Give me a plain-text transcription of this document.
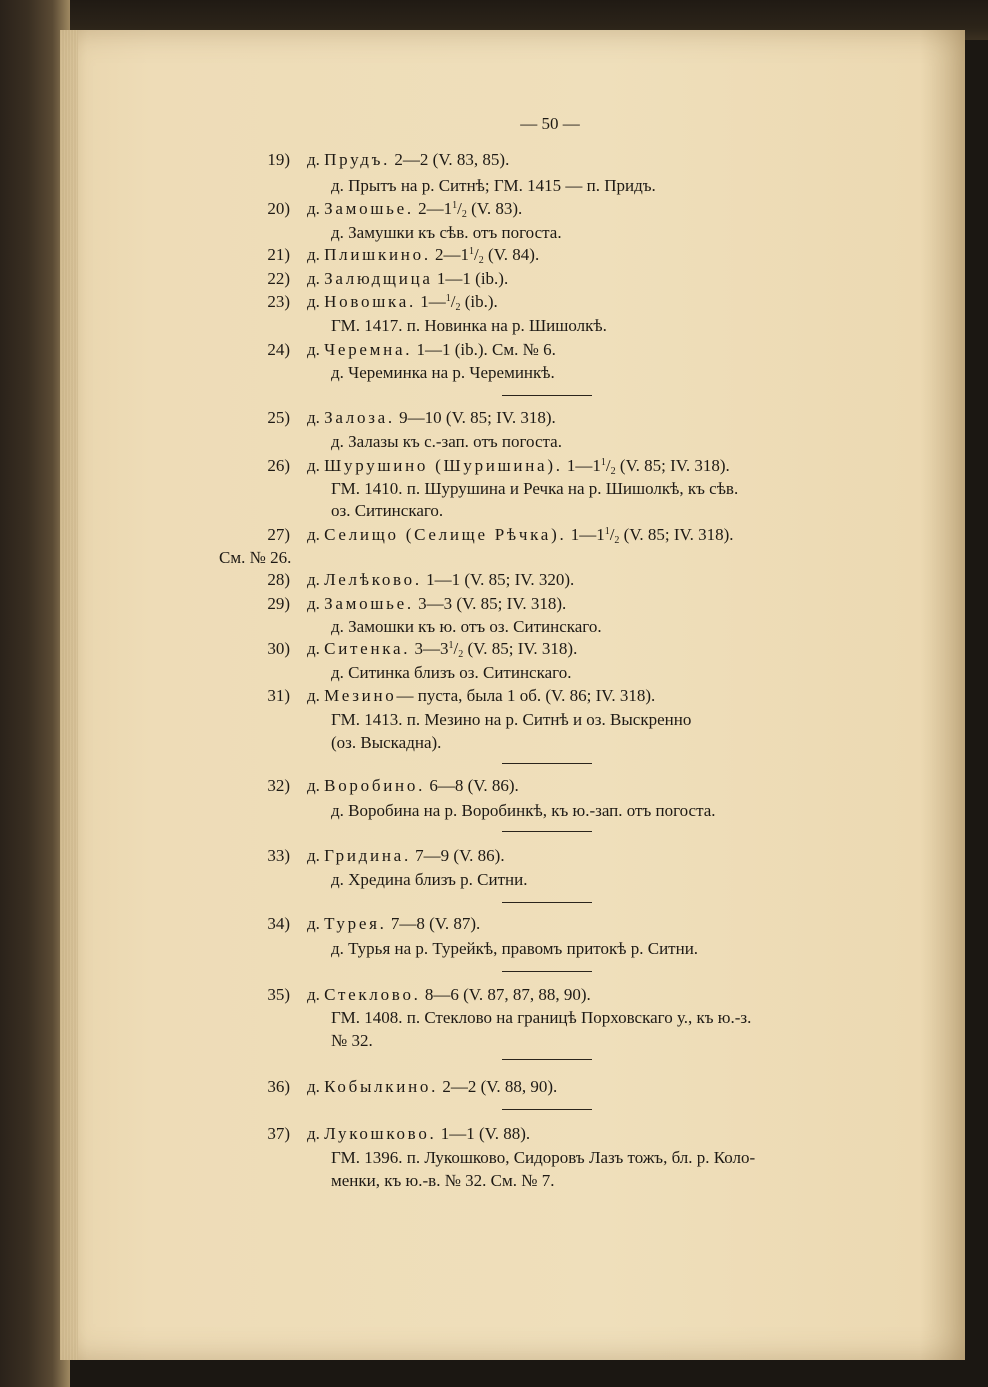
— 50 —
19) д. Прудъ. 2—2 (V. 83, 85).
д. Прытъ на р. Ситнѣ; ГМ. 1415 — п. Придъ.
20) д. Замошье. $2—1^1/_2$ (V. 83).
д. Замушки къ сѣв. отъ погоста.
21) д. Плишкино. $2—1^1/_2$ (V. 84).
22) д. Залюдщица 1—1 (ib.).
23) д. Новошка. $1—^1/_2$ (ib.).
ГМ. 1417. п. Новинка на р. Шишолкѣ.
24) д. Черемна. 1—1 (ib.). См. № 6.
д. Череминка на р. Череминкѣ.
25) д. Залоза. 9—10 (V. 85; IV. 318).
д. Залазы къ с.-зап. отъ погоста.
26) д. Шурушино (Шуришина). $1—1^1/_2$ (V. 85; IV. 318).
ГМ. 1410. п. Шурушина и Речка на р. Шишолкѣ, къ сѣв.
оз. Ситинскаго.
27) д. Селищо (Селище Рѣчка). $1—1^1/_2$ (V. 85; IV. 318).
См. № 26.
28) д. Лелѣково. 1—1 (V. 85; IV. 320).
29) д. Замошье. 3—3 (V. 85; IV. 318).
д. Замошки къ ю. отъ оз. Ситинскаго.
30) д. Ситенка. $3—3^1/_2$ (V. 85; IV. 318).
д. Ситинка близъ оз. Ситинскаго.
31) д. Мезино— пуста, была 1 об. (V. 86; IV. 318).
ГМ. 1413. п. Мезино на р. Ситнѣ и оз. Выскренно
(оз. Выскадна).
32) д. Воробино. 6—8 (V. 86).
д. Воробина на р. Воробинкѣ, къ ю.-зап. отъ погоста.
33) д. Гридина. 7—9 (V. 86).
д. Хредина близъ р. Ситни.
34) д. Турея. 7—8 (V. 87).
д. Турья на р. Турейкѣ, правомъ притокѣ р. Ситни.
35) д. Стеклово. 8—6 (V. 87, 87, 88, 90).
ГМ. 1408. п. Стеклово на границѣ Порховскаго у., къ ю.-з.
№ 32.
36) д. Кобылкино. 2—2 (V. 88, 90).
37) д. Лукошково. 1—1 (V. 88).
ГМ. 1396. п. Лукошково, Сидоровъ Лазъ тожъ, бл. р. Коло-
менки, къ ю.-в. № 32. См. № 7.
